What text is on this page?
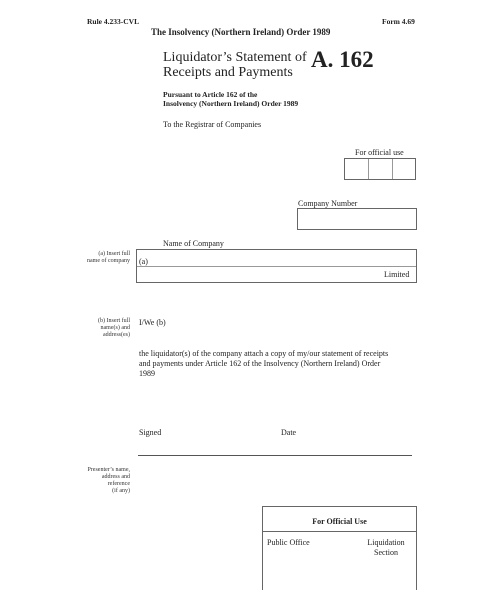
Rule 4.233-CVL	Form 4.69
The Insolvency (Northern Ireland) Order 1989
Liquidator’s Statement of
Receipts and Payments
A. 162
Pursuant to Article 162 of the
Insolvency (Northern Ireland) Order 1989
To the Registrar of Companies
For official use
Company Number
(a) Insert full
name of company
Name of Company
(a)
Limited
(b) Insert full
name(s) and
address(es)
I/We (b)
the liquidator(s) of the company attach a copy of my/our statement of receipts
and payments under Article 162 of the Insolvency (Northern Ireland) Order
1989
Signed	Date
Presenter’s name,
address and
reference
(if any)
For Official Use
Public Office	Liquidation
Section
